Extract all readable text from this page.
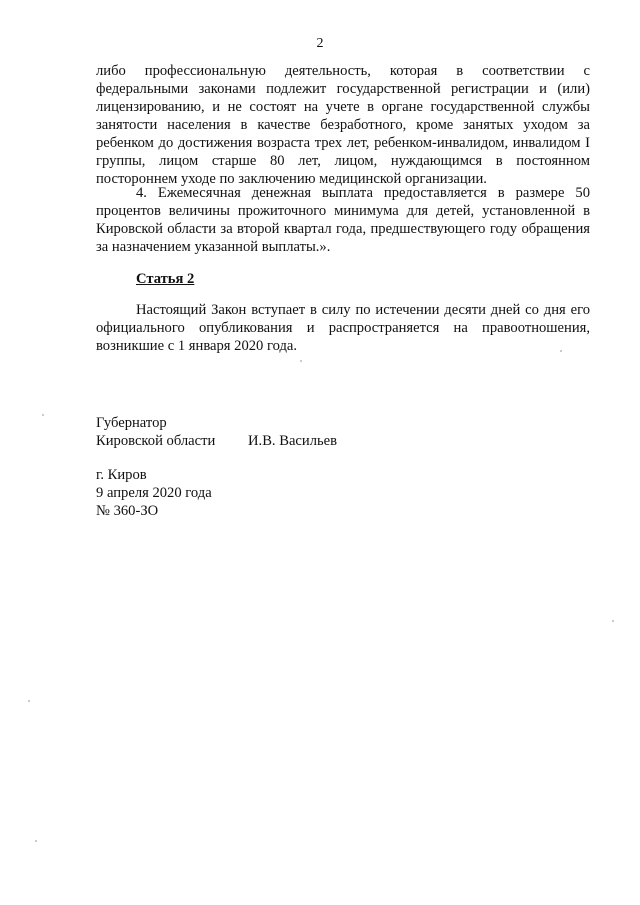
2

либо профессиональную деятельность, которая в соответствии с федеральными законами подлежит государственной регистрации и (или) лицензированию, и не состоят на учете в органе государственной службы занятости населения в качестве безработного, кроме занятых уходом за ребенком до достижения возраста трех лет, ребенком-инвалидом, инвалидом I группы, лицом старше 80 лет, лицом, нуждающимся в постоянном постороннем уходе по заключению медицинской организации.

4. Ежемесячная денежная выплата предоставляется в размере 50 процентов величины прожиточного минимума для детей, установленной в Кировской области за второй квартал года, предшествующего году обращения за назначением указанной выплаты.».

Статья 2

Настоящий Закон вступает в силу по истечении десяти дней со дня его официального опубликования и распространяется на правоотношения, возникшие с 1 января 2020 года.

Губернатор
Кировской области	И.В. Васильев
г. Киров
9 апреля 2020 года
№ 360-ЗО
